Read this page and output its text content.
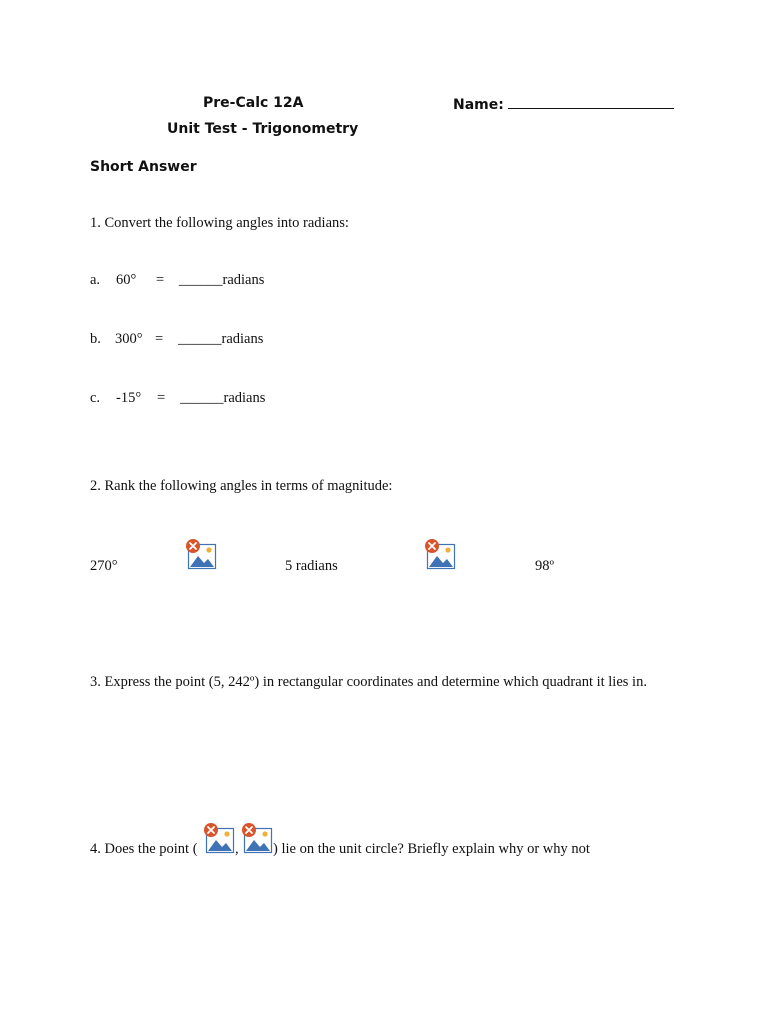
Pre-Calc 12A	Name:
Unit Test - Trigonometry
Short Answer
1. Convert the following angles into radians:
a. 60° = ______radians
b. 300° = ______radians
c. -15° = ______radians
2. Rank the following angles in terms of magnitude:
270°	5 radians	98º
3. Express the point (5, 242º) in rectangular coordinates and determine which quadrant it lies in.
4. Does the point (	, ) lie on the unit circle? Briefly explain why or why not
